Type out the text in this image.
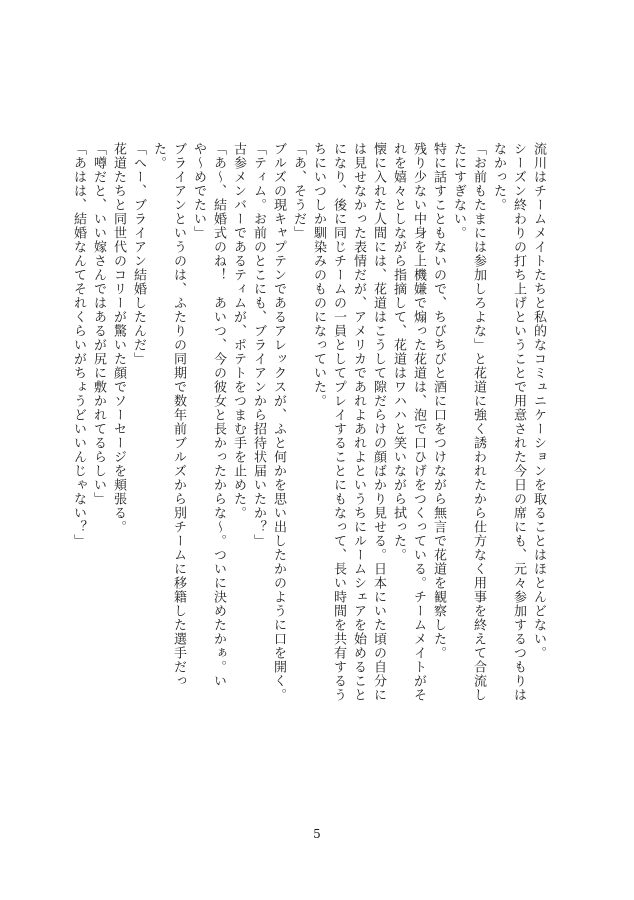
流川はチームメイトたちと私的なコミュニケーションを取ることはほとんどない。

シーズン終わりの打ち上げということで用意された今日の席にも、元々参加するつもりはなかった。

「お前もたまには参加しろよな」と花道に強く誘われたから仕方なく用事を終えて合流したにすぎない。

特に話すこともないので、ちびちびと酒に口をつけながら無言で花道を観察した。

残り少ない中身を上機嫌で煽った花道は、泡で口ひげをつくっている。チームメイトがそれを嬉々としながら指摘して、花道はワハハと笑いながら拭った。

懐に入れた人間には、花道はこうして隙だらけの顔ばかり見せる。日本にいた頃の自分には見せなかった表情だが、アメリカであれよあれよというちにルームシェアを始めることになり、後に同じチームの一員としてプレイすることにもなって、長い時間を共有するうちにいつしか馴染みのものになっていた。

「あ、そうだ」

ブルズの現キャプテンであるアレックスが、ふと何かを思い出したかのように口を開く。

「ティム。お前のとこにも、ブライアンから招待状届いたか？」

古参メンバーであるティムが、ポテトをつまむ手を止めた。

「あ〜、結婚式のね！　あいつ、今の彼女と長かったからな〜。ついに決めたかぁ。いや〜めでたい」

ブライアンというのは、ふたりの同期で数年前ブルズから別チームに移籍した選手だった。

「へー、ブライアン結婚したんだ」

花道たちと同世代のコリーが驚いた顔でソーセージを頬張る。

「噂だと、いい嫁さんではあるが尻に敷かれてるらしい」

「あはは、結婚なんてそれくらいがちょうどいいんじゃない？」

5
